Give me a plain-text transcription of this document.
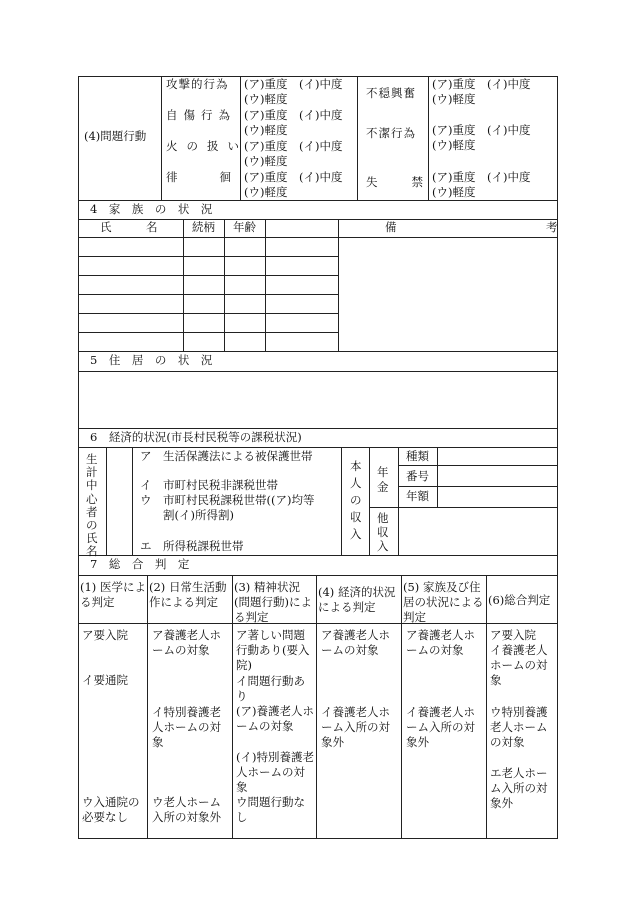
(4)問題行動
攻撃的行為
自傷行為
火の扱い
徘徊
(ア)重度　(イ)中度
(ウ)軽度
(ア)重度　(イ)中度
(ウ)軽度
(ア)重度　(イ)中度
(ウ)軽度
(ア)重度　(イ)中度
(ウ)軽度
不穏興奮
不潔行為
失禁
(ア)重度　(イ)中度
(ウ)軽度
(ア)重度　(イ)中度
(ウ)軽度
(ア)重度　(イ)中度
(ウ)軽度
4　家　族　の　状　況
氏　　　名	続柄 年齢	備　　　　　　　　　　　　　考
5　住　居　の　状　況
6　経済的状況(市長村民税等の課税状況)
生計中心者の氏名
ア　生活保護法による被保護世帯
イ　市町村民税非課税世帯
ウ　市町村民税課税世帯((ア)均等
　　割(イ)所得割)
エ　所得税課税世帯
本人の収入
年金
他収入
種類
番号
年額
7　総　合　判　定
(1) 医学によ る判定
(2) 日常生活動作による判定
(3) 精神状況(問題行動)による判定
(4) 経済的状況による判定
(5) 家族及び住居の状況による判定
(6)総合判定
ア要入院
イ要通院
ウ入通院の必要なし
ア養護老人ホームの対象
イ特別養護老人ホームの対象
ウ老人ホーム入所の対象外
ア著しい問題行動あり(要入院)
イ問題行動あり
(ア)養護老人ホームの対象
(イ)特別養護老人ホームの対象
ウ問題行動なし
ア養護老人ホームの対象
イ養護老人ホーム入所の対象外
ア養護老人ホームの対象
イ養護老人ホーム入所の対象外
ア要入院
イ養護老人ホームの対象
ウ特別養護老人ホームの対象
エ老人ホーム入所の対象外
